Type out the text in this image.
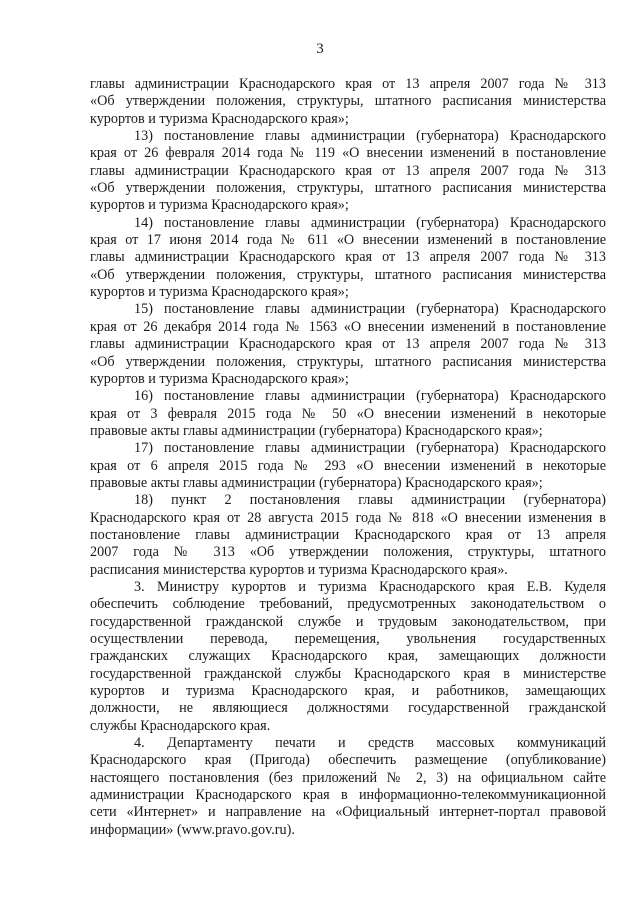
3
главы администрации Краснодарского края от 13 апреля 2007 года № 313
«Об утверждении положения, структуры, штатного расписания министерства
курортов и туризма Краснодарского края»;
13) постановление главы администрации (губернатора) Краснодарского
края от 26 февраля 2014 года № 119 «О внесении изменений в постановление
главы администрации Краснодарского края от 13 апреля 2007 года № 313
«Об утверждении положения, структуры, штатного расписания министерства
курортов и туризма Краснодарского края»;
14) постановление главы администрации (губернатора) Краснодарского
края от 17 июня 2014 года № 611 «О внесении изменений в постановление
главы администрации Краснодарского края от 13 апреля 2007 года № 313
«Об утверждении положения, структуры, штатного расписания министерства
курортов и туризма Краснодарского края»;
15) постановление главы администрации (губернатора) Краснодарского
края от 26 декабря 2014 года № 1563 «О внесении изменений в постановление
главы администрации Краснодарского края от 13 апреля 2007 года № 313
«Об утверждении положения, структуры, штатного расписания министерства
курортов и туризма Краснодарского края»;
16) постановление главы администрации (губернатора) Краснодарского
края от 3 февраля 2015 года № 50 «О внесении изменений в некоторые
правовые акты главы администрации (губернатора) Краснодарского края»;
17) постановление главы администрации (губернатора) Краснодарского
края от 6 апреля 2015 года № 293 «О внесении изменений в некоторые
правовые акты главы администрации (губернатора) Краснодарского края»;
18) пункт 2 постановления главы администрации (губернатора)
Краснодарского края от 28 августа 2015 года № 818 «О внесении изменения в
постановление главы администрации Краснодарского края от 13 апреля
2007 года № 313 «Об утверждении положения, структуры, штатного
расписания министерства курортов и туризма Краснодарского края».
3. Министру курортов и туризма Краснодарского края Е.В. Куделя
обеспечить соблюдение требований, предусмотренных законодательством о
государственной гражданской службе и трудовым законодательством, при
осуществлении перевода, перемещения, увольнения государственных
гражданских служащих Краснодарского края, замещающих должности
государственной гражданской службы Краснодарского края в министерстве
курортов и туризма Краснодарского края, и работников, замещающих
должности, не являющиеся должностями государственной гражданской
службы Краснодарского края.
4. Департаменту печати и средств массовых коммуникаций
Краснодарского края (Пригода) обеспечить размещение (опубликование)
настоящего постановления (без приложений № 2, 3) на официальном сайте
администрации Краснодарского края в информационно-телекоммуникационной
сети «Интернет» и направление на «Официальный интернет-портал правовой
информации» (www.pravo.gov.ru).
